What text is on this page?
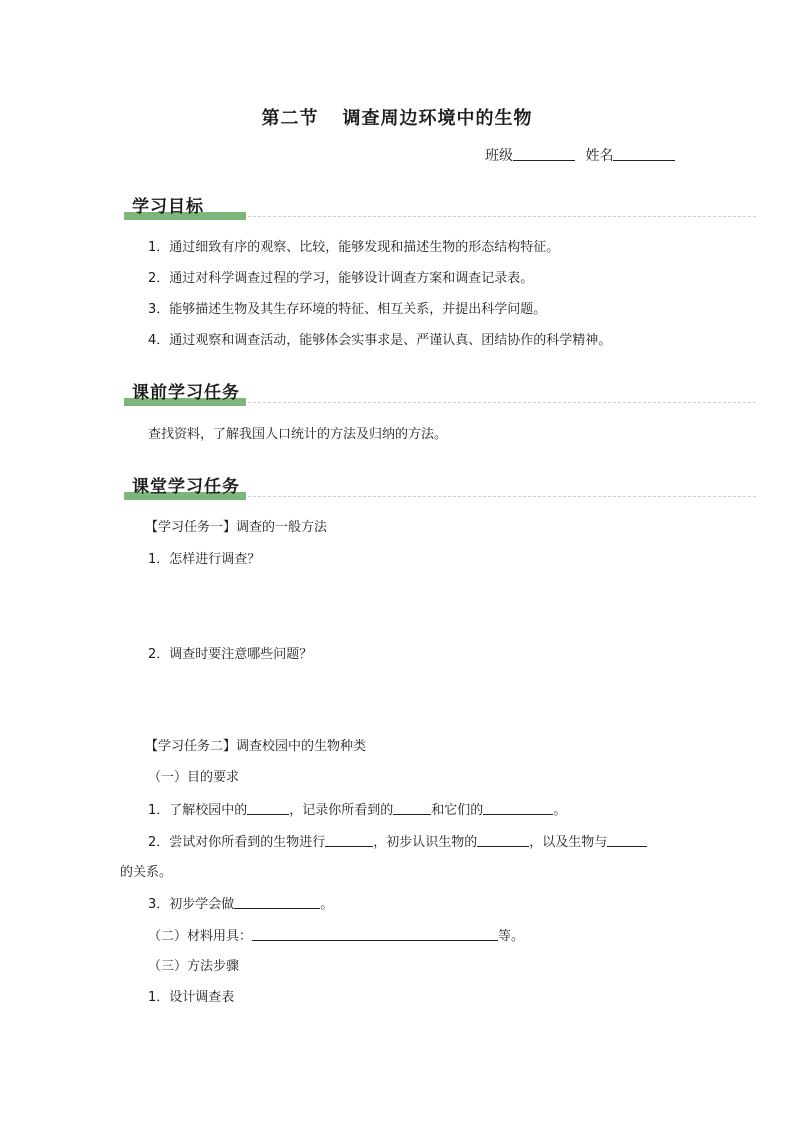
第二节 调查周边环境中的生物
班级	姓名
学习目标
1．通过细致有序的观察、比较，能够发现和描述生物的形态结构特征。
2．通过对科学调查过程的学习，能够设计调查方案和调查记录表。
3．能够描述生物及其生存环境的特征、相互关系，并提出科学问题。
4．通过观察和调查活动，能够体会实事求是、严谨认真、团结协作的科学精神。
课前学习任务
查找资料，了解我国人口统计的方法及归纳的方法。
课堂学习任务
【学习任务一】调查的一般方法
1．怎样进行调查？
2．调查时要注意哪些问题？
【学习任务二】调查校园中的生物种类
（一）目的要求
1．了解校园中的	，记录你所看到的	和它们的	。
2．尝试对你所看到的生物进行	，初步认识生物的	，以及生物与
的关系。
3．初步学会做	。
（二）材料用具：	等。
（三）方法步骤
1．设计调查表
